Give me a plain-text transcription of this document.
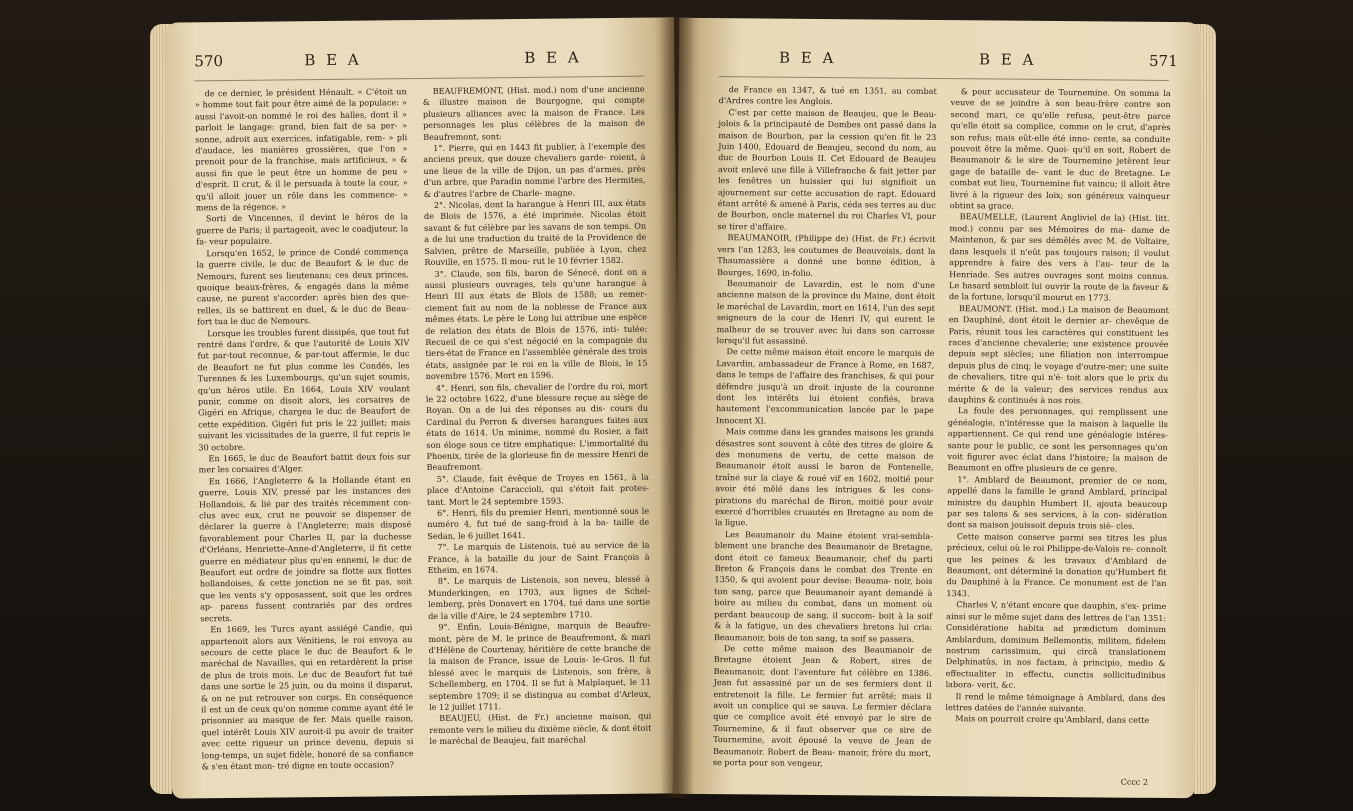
570	B E A	B E A

de ce dernier, le président Hénault. « C'étoit un » homme tout fait pour être aimé de la populace: » aussi l'avoit-on nommé le roi des halles, dont il » parloit le langage: grand, bien fait de sa per- » sonne, adroit aux exercices, infatigable, rem- » pli d'audace, les manières grossières, que l'on » prenoit pour de la franchise, mais artificieux, » & aussi fin que le peut être un homme de peu » d'esprit. Il crut, & il le persuada à toute la cour, » qu'il alloit jouer un rôle dans les commence- » mens de la régence. »

Sorti de Vincennes, il devint le héros de la guerre de Paris; il partageoit, avec le coadjuteur, la fa- veur populaire.

Lorsqu'en 1652, le prince de Condé commença la guerre civile, le duc de Beaufort & le duc de Nemours, furent ses lieutenans; ces deux princes, quoique beaux-frères, & engagés dans la même cause, ne purent s'accorder: après bien des que- relles, ils se battirent en duel, & le duc de Beau- fort tua le duc de Nemours.

Lorsque les troubles furent dissipés, que tout fut rentré dans l'ordre, & que l'autorité de Louis XIV fut par-tout reconnue, & par-tout affermie, le duc de Beaufort ne fut plus comme les Condés, les Turennes & les Luxembourgs, qu'un sujet soumis, qu'un héros utile. En 1664, Louis XIV voulant punir, comme on disoit alors, les corsaires de Gigéri en Afrique, chargea le duc de Beaufort de cette expédition. Gigéri fut pris le 22 juillet; mais suivant les vicissitudes de la guerre, il fut repris le 30 octobre.

En 1665, le duc de Beaufort battit deux fois sur mer les corsaires d'Alger.

En 1666, l'Angleterre & la Hollande étant en guerre, Louis XIV, pressé par les instances des Hollandois, & lié par des traités récemment con- clus avec eux, crut ne pouvoir se dispenser de déclarer la guerre à l'Angleterre; mais disposé favorablement pour Charles II, par la duchesse d'Orléans, Henriette-Anne-d'Angleterre, il fit cette guerre en médiateur plus qu'en ennemi, le duc de Beaufort eut ordre de joindre sa flotte aux flottes hollandoises, & cette jonction ne se fit pas, soit que les vents s'y opposassent, soit que les ordres ap- parens fussent contrariés par des ordres secrets.

En 1669, les Turcs ayant assiégé Candie, qui appartenoit alors aux Vénitiens, le roi envoya au secours de cette place le duc de Beaufort & le maréchal de Navailles, qui en retardèrent la prise de plus de trois mois. Le duc de Beaufort fut tué dans une sortie le 25 juin, ou du moins il disparut, & on ne put retrouver son corps. En conséquence il est un de ceux qu'on nomme comme ayant été le prisonnier au masque de fer. Mais quelle raison, quel intérêt Louis XIV auroit-il pu avoir de traiter avec cette rigueur un prince devenu, depuis si long-temps, un sujet fidèle, honoré de sa confiance & s'en étant mon- tré digne en toute occasion?

BEAUFREMONT, (Hist. mod.) nom d'une ancienne & illustre maison de Bourgogne, qui compte plusieurs alliances avec la maison de France. Les personnages les plus célèbres de la maison de Beaufremont, sont:

1°. Pierre, qui en 1443 fit publier, à l'exemple des anciens preux, que douze chevaliers garde- roient, à une lieue de la ville de Dijon, un pas d'armes, près d'un arbre, que Paradin nomme l'arbre des Hermites, & d'autres l'arbre de Charle- magne.

2°. Nicolas, dont la harangue à Henri III, aux états de Blois de 1576, a été imprimée. Nicolas étoit savant & fut célèbre par les savans de son temps. On a de lui une traduction du traité de la Providence de Salvien, prêtre de Marseille, publiée à Lyon, chez Rouville, en 1575. Il mou- rut le 10 février 1582.

3°. Claude, son fils, baron de Sénecé, dont on a aussi plusieurs ouvrages, tels qu'une harangue à Henri III aux états de Blois de 1588; un remer- ciement fait au nom de la noblesse de France aux mêmes états. Le père le Long lui attribue une espèce de relation des états de Blois de 1576, inti- tulée: Recueil de ce qui s'est négocié en la compagnie du tiers-état de France en l'assemblée générale des trois états, assignée par le roi en la ville de Blois, le 15 novembre 1576. Mort en 1596.

4°. Henri, son fils, chevalier de l'ordre du roi, mort le 22 octobre 1622, d'une blessure reçue au siège de Royan. On a de lui des réponses au dis- cours du Cardinal du Perron & diverses harangues faites aux états de 1614. Un minime, nommé du Rosier, a fait son éloge sous ce titre emphatique: L'immortalité du Phoenix, tirée de la glorieuse fin de messire Henri de Beaufremont.

5°. Claude, fait évêque de Troyes en 1561, à la place d'Antoine Caraccioli, qui s'étoit fait protes- tant. Mort le 24 septembre 1593.

6°. Henri, fils du premier Henri, mentionné sous le numéro 4, fut tué de sang-froid à la ba- taille de Sedan, le 6 juillet 1641.

7°. Le marquis de Listenois, tué au service de la France, à la bataille du jour de Saint François à Etheim, en 1674.

8°. Le marquis de Listenois, son neveu, blessé à Munderkingen, en 1703, aux lignes de Schel- lemberg, près Donavert en 1704, tué dans une sortie de la ville d'Aire, le 24 septembre 1710.

9°. Enfin, Louis-Bénigne, marquis de Beaufre- mont, père de M. le prince de Beaufremont, & mari d'Hélène de Courtenay, héritière de cette branche de la maison de France, issue de Louis- le-Gros. Il fut blessé avec le marquis de Listenois, son frère, à Schellemberg, en 1704. Il se fut à Malplaquet, le 11 septembre 1709; il se distingua au combat d'Arleux, le 12 juillet 1711.

BEAUJEU, (Hist. de Fr.) ancienne maison, qui remonte vers le milieu du dixième siècle, & dont étoit le maréchal de Beaujeu, fait maréchal

B E A	B E A	571

de France en 1347, & tué en 1351, au combat d'Ardres contre les Anglois.

C'est par cette maison de Beaujeu, que le Beau- jolois & la principauté de Dombes ont passé dans la maison de Bourbon, par la cession qu'en fit le 23 Juin 1400, Edouard de Beaujeu, second du nom, au duc de Bourbon Louis II. Cet Edouard de Beaujeu avoit enlevé une fille à Villefranche & fait jetter par les fenêtres un huissier qui lui signifioit un ajournement sur cette accusation de rapt. Edouard étant arrêté & amené à Paris, céda ses terres au duc de Bourbon, oncle maternel du roi Charles VI, pour se tirer d'affaire.

BEAUMANOIR, (Philippe de) (Hist. de Fr.) écrivit vers l'an 1283, les coutumes de Beauvoisis, dont la Thaumassière a donné une bonne édition, à Bourges, 1690, in-folio.

Beaumanoir de Lavardin, est le nom d'une ancienne maison de la province du Maine, dont étoit le maréchal de Lavardin, mort en 1614, l'un des sept seigneurs de la cour de Henri IV, qui eurent le malheur de se trouver avec lui dans son carrosse lorsqu'il fut assassiné.

De cette même maison étoit encore le marquis de Lavardin, ambassadeur de France à Rome, en 1687, dans le temps de l'affaire des franchises, & qui pour défendre jusqu'à un droit injuste de la couronne dont les intérêts lui étoient confiés, brava hautement l'excommunication lancée par le pape Innocent XI.

Mais comme dans les grandes maisons les grands désastres sont souvent à côté des titres de gloire & des monumens de vertu, de cette maison de Beaumanoir étoit aussi le baron de Fontenelle, traîné sur la claye & roué vif en 1602, moitié pour avoir été mêlé dans les intrigues & les cons- pirations du maréchal de Biron, moitié pour avoir exercé d'horribles cruautés en Bretagne au nom de la ligue.

Les Beaumanoir du Maine étoient vrai-sembla- blement une branche des Beaumanoir de Bretagne, dont étoit ce fameux Beaumanoir, chef du parti Breton & François dans le combat des Trente en 1350, & qui avoient pour devise: Beauma- noir, bois ton sang, parce que Beaumanoir ayant demandé à boire au milieu du combat, dans un moment où perdant beaucoup de sang, il succom- boit à la soif & à la fatigue, un des chevaliers bretons lui cria: Beaumanoir, bois de ton sang, ta soif se passera.

De cette même maison des Beaumanoir de Bretagne étoient Jean & Robert, sires de Beaumanoir, dont l'aventure fut célèbre en 1386. Jean fut assassiné par un de ses fermiers dont il entretenoit la fille. Le fermier fut arrêté; mais il avoit un complice qui se sauva. Le fermier déclara que ce complice avoit été envoyé par le sire de Tournemine, & il faut observer que ce sire de Tournemine, avoit épousé la veuve de Jean de Beaumanoir. Robert de Beau- manoir, frère du mort, se porta pour son vengeur,

& pour accusateur de Tournemine. On somma la veuve de se joindre à son beau-frère contre son second mari, ce qu'elle refusa, peut-être parce qu'elle étoit sa complice, comme on le crut, d'après son refus; mais eût-elle été inno- cente, sa conduite pouvoit être la même. Quoi- qu'il en soit, Robert de Beaumanoir & le sire de Tournemine jetèrent leur gage de bataille de- vant le duc de Bretagne. Le combat eut lieu, Tournemine fut vaincu; il alloit être livré à la rigueur des loix; son généreux vainqueur obtint sa grace.

BEAUMELLE, (Laurent Angliviel de la) (Hist. litt. mod.) connu par ses Mémoires de ma- dame de Maintenon, & par ses démêlés avec M. de Voltaire, dans lesquels il n'eût pas toujours raison; il voulut apprendre à faire des vers à l'au- teur de la Henriade. Ses autres ouvrages sont moins connus. Le hasard sembloit lui ouvrir la route de la faveur & de la fortune, lorsqu'il mourut en 1773.

BEAUMONT. (Hist. mod.) La maison de Beaumont en Dauphiné, dont étoit le dernier ar- chevêque de Paris, réunit tous les caractères qui constituent les races d'ancienne chevalerie; une existence prouvée depuis sept siècles; une filiation non interrompue depuis plus de cinq; le voyage d'outre-mer; une suite de chevaliers, titre qui n'é- toit alors que le prix du mérite & de la valeur; des services rendus aux dauphins & continués à nos rois.

La foule des personnages, qui remplissent une généalogie, n'intéresse que la maison à laquelle ils appartiennent. Ce qui rend une généalogie intéres- sante pour le public, ce sont les personnages qu'on voit figurer avec éclat dans l'histoire; la maison de Beaumont en offre plusieurs de ce genre.

1°. Amblard de Beaumont, premier de ce nom, appellé dans la famille le grand Amblard, principal ministre du dauphin Humbert II, ajouta beaucoup par ses talens & ses services, à la con- sidération dont sa maison jouissoit depuis trois siè- cles.

Cette maison conserve parmi ses titres les plus précieux, celui où le roi Philippe-de-Valois re- connoît que les peines & les travaux d'Amblard de Beaumont, ont déterminé la donation qu'Humbert fit du Dauphiné à la France. Ce monument est de l'an 1343.

Charles V, n'étant encore que dauphin, s'ex- prime ainsi sur le même sujet dans des lettres de l'an 1351: Considératione habita ad prædictum dominum Amblardum, dominum Bellemontis, militem, fidelem nostrum carissimum, qui circâ translationem Delphinatûs, in nos factam, à principio, medio & effectualiter in effectu, cunctis sollicitudinibus labora- verit, &c.

Il rend le même témoignage à Amblard, dans des lettres datées de l'année suivante.

Mais on pourroit croire qu'Amblard, dans cette

Cccc 2
